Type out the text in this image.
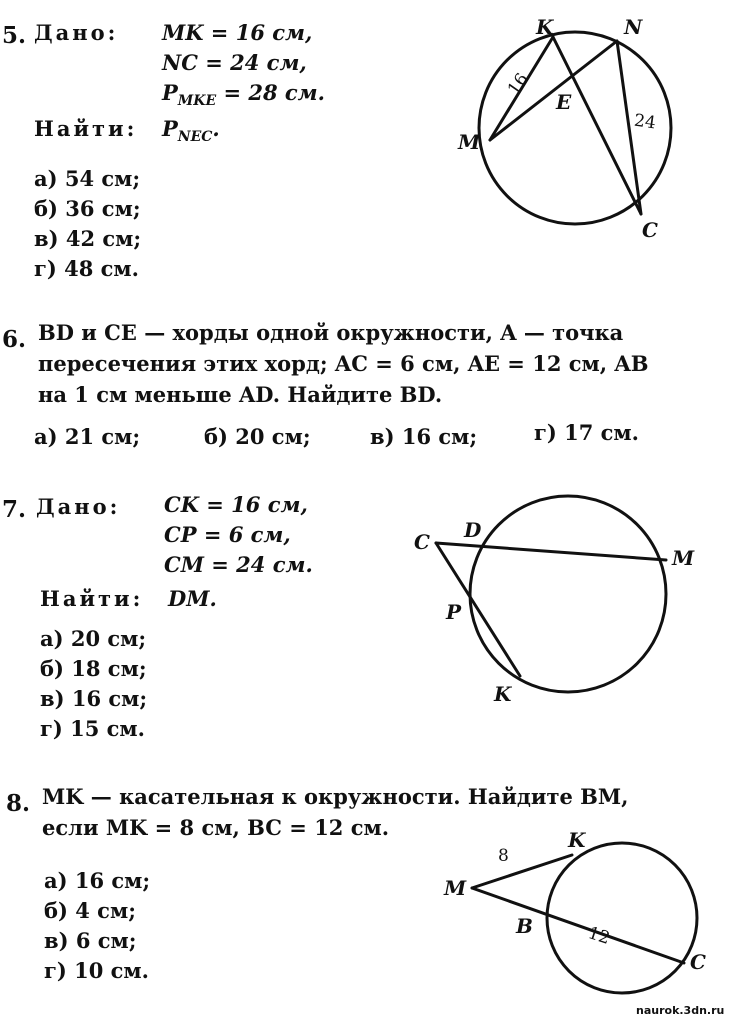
5. Дано: MK = 16 см,
NC = 24 см,
$P_{MKE} = 28$ см.
Найти: $P_{NEC}$.
а) 54 см;
б) 36 см;
в) 42 см;
г) 48 см.
6. BD и CE — хорды одной окружности, A — точка
пересечения этих хорд; AC = 6 см, AE = 12 см, AB
на 1 см меньше AD. Найдите BD.
а) 21 см;	б) 20 см;	в) 16 см;	г) 17 см.
7. Дано: CK = 16 см,
CP = 6 см,
CM = 24 см.
Найти: DM.
а) 20 см;
б) 18 см;
в) 16 см;
г) 15 см.
8. MK — касательная к окружности. Найдите BM,
если MK = 8 см, BC = 12 см.
а) 16 см;
б) 4 см;
в) 6 см;
г) 10 см.
K	N
E
M
C
16
24
C D
M
P
K
K
M
B
C
8
12
naurok.3dn.ru
